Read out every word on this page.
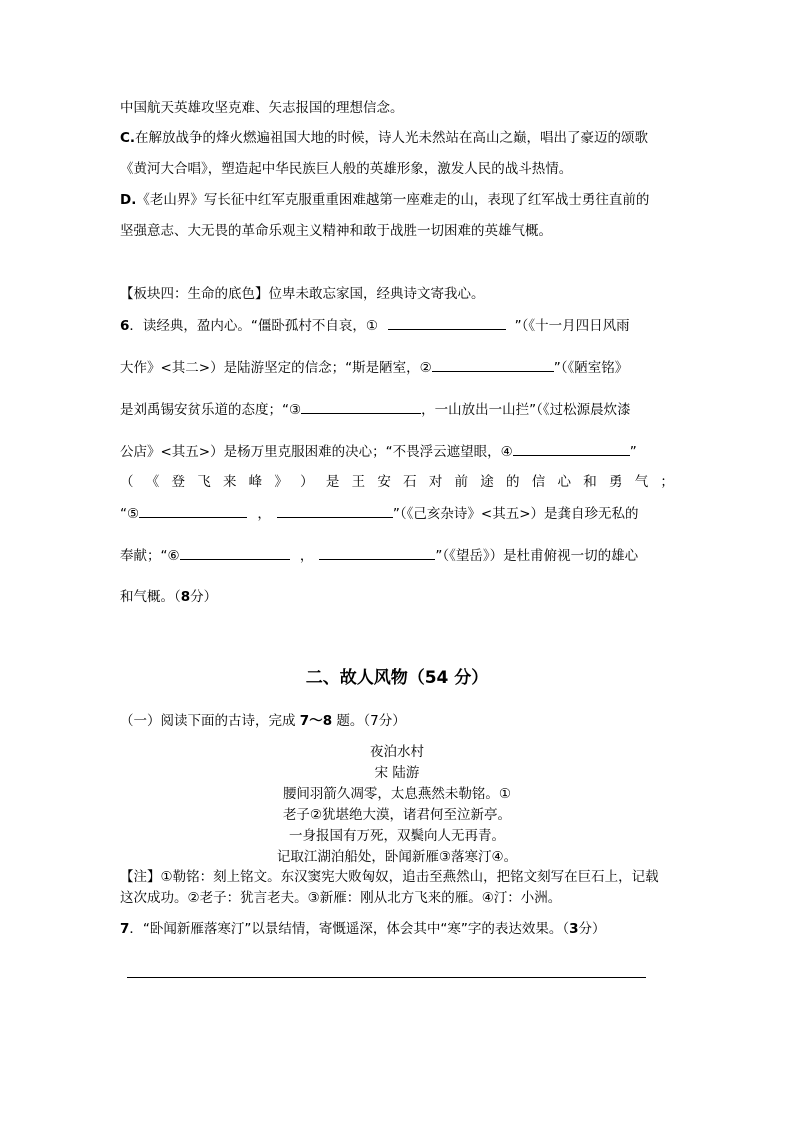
中国航天英雄攻坚克难、矢志报国的理想信念。
C.在解放战争的烽火燃遍祖国大地的时候，诗人光未然站在高山之巅，唱出了豪迈的颂歌
《黄河大合唱》，塑造起中华民族巨人般的英雄形象，激发人民的战斗热情。
D.《老山界》写长征中红军克服重重困难越第一座难走的山，表现了红军战士勇往直前的
坚强意志、大无畏的革命乐观主义精神和敢于战胜一切困难的英雄气概。
【板块四：生命的底色】位卑未敢忘家国，经典诗文寄我心。
6．读经典，盈内心。“僵卧孤村不自哀，①	”（《十一月四日风雨
大作》<其二>）是陆游坚定的信念；“斯是陋室，②	”（《陋室铭》
是刘禹锡安贫乐道的态度；“③	，一山放出一山拦”（《过松源晨炊漆
公店》<其五>）是杨万里克服困难的决心；“不畏浮云遮望眼，④	”
（ 《 登 飞 来 峰 》 ） 是 王 安 石 对 前 途 的 信 心 和 勇 气 ；
“⑤	，	”（《己亥杂诗》<其五>）是龚自珍无私的
奉献；“⑥	，	”（《望岳》）是杜甫俯视一切的雄心
和气概。（8分）
二、故人风物（54 分）
（一）阅读下面的古诗，完成 7～8 题。（7分）
夜泊水村
宋 陆游
腰间羽箭久凋零，太息燕然未勒铭。①
老子②犹堪绝大漠，诸君何至泣新亭。
一身报国有万死，双鬓向人无再青。
记取江湖泊船处，卧闻新雁③落寒汀④。
【注】①勒铭：刻上铭文。东汉窦宪大败匈奴，追击至燕然山，把铭文刻写在巨石上，记载
这次成功。②老子：犹言老夫。③新雁：刚从北方飞来的雁。④汀：小洲。
7．“卧闻新雁落寒汀”以景结情，寄慨遥深，体会其中“寒”字的表达效果。（3分）
